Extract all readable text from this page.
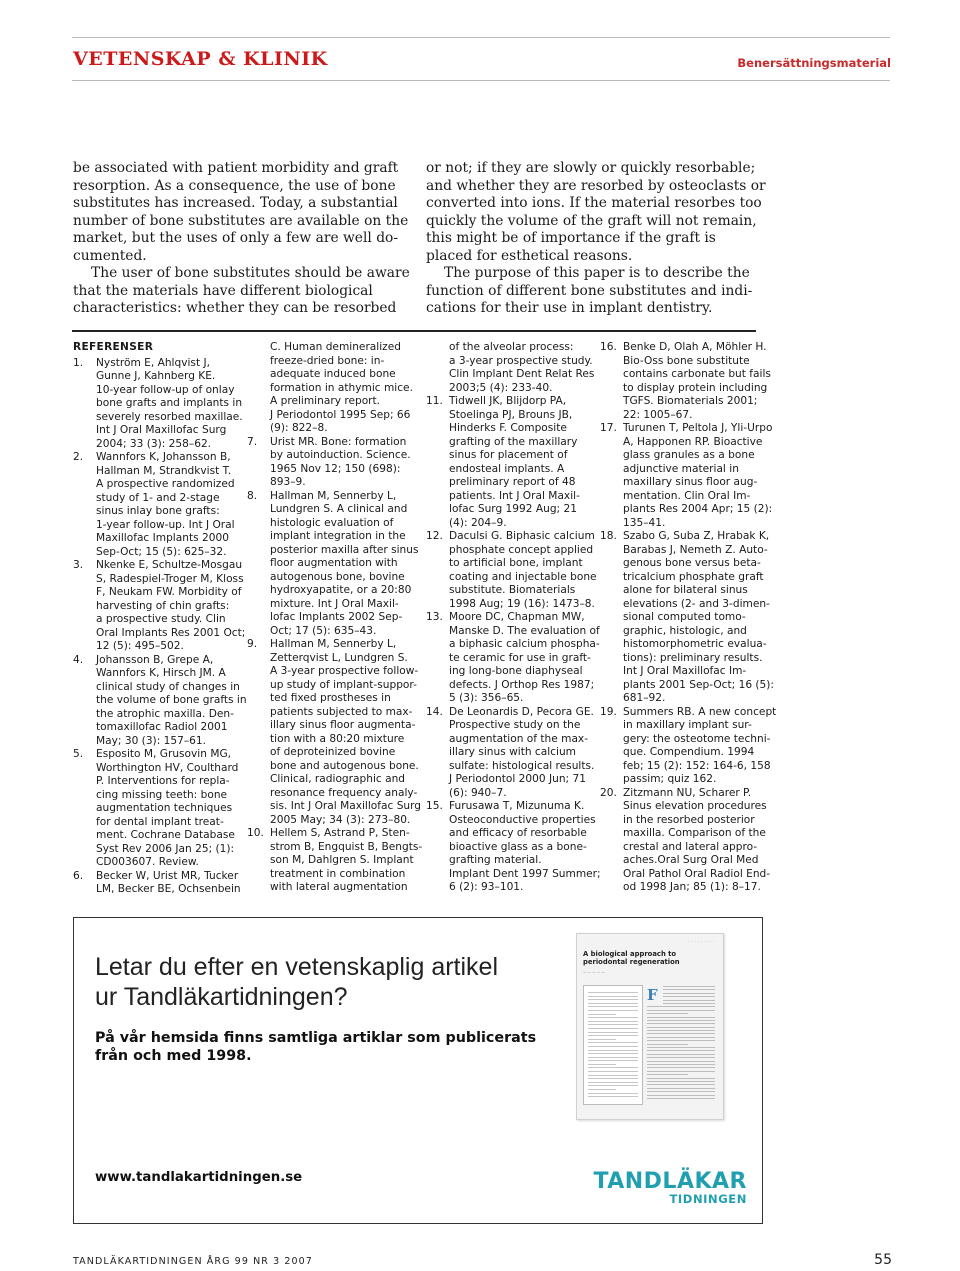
VETENSKAP & KLINIK	Benersättningsmaterial

be associated with patient morbidity and graft resorption. As a consequence, the use of bone substitutes has increased. Today, a substantial number of bone substitutes are available on the market, but the uses of only a few are well do- cumented.

The user of bone substitutes should be aware that the materials have different biological characteristics: whether they can be resorbed

or not; if they are slowly or quickly resorbable; and whether they are resorbed by osteoclasts or converted into ions. If the material resorbes too quickly the volume of the graft will not remain, this might be of importance if the graft is placed for esthetical reasons.

The purpose of this paper is to describe the function of different bone substitutes and indi- cations for their use in implant dentistry.

REFERENSER
1. Nyström E, Ahlqvist J,
Gunne J, Kahnberg KE.
10-year follow-up of onlay
bone grafts and implants in
severely resorbed maxillae.
Int J Oral Maxillofac Surg
2004; 33 (3): 258–62.
2. Wannfors K, Johansson B,
Hallman M, Strandkvist T.
A prospective randomized
study of 1- and 2-stage
sinus inlay bone grafts:
1-year follow-up. Int J Oral
Maxillofac Implants 2000
Sep-Oct; 15 (5): 625–32.
3. Nkenke E, Schultze-Mosgau
S, Radespiel-Troger M, Kloss
F, Neukam FW. Morbidity of
harvesting of chin grafts:
a prospective study. Clin
Oral Implants Res 2001 Oct;
12 (5): 495–502.
4. Johansson B, Grepe A,
Wannfors K, Hirsch JM. A
clinical study of changes in
the volume of bone grafts in
the atrophic maxilla. Den-
tomaxillofac Radiol 2001
May; 30 (3): 157–61.
5. Esposito M, Grusovin MG,
Worthington HV, Coulthard
P. Interventions for repla-
cing missing teeth: bone
augmentation techniques
for dental implant treat-
ment. Cochrane Database
Syst Rev 2006 Jan 25; (1):
CD003607. Review.
6. Becker W, Urist MR, Tucker
LM, Becker BE, Ochsenbein
C. Human demineralized
freeze-dried bone: in-
adequate induced bone
formation in athymic mice.
A preliminary report.
J Periodontol 1995 Sep; 66
(9): 822–8.
7. Urist MR. Bone: formation
by autoinduction. Science.
1965 Nov 12; 150 (698):
893–9.
8. Hallman M, Sennerby L,
Lundgren S. A clinical and
histologic evaluation of
implant integration in the
posterior maxilla after sinus
floor augmentation with
autogenous bone, bovine
hydroxyapatite, or a 20:80
mixture. Int J Oral Maxil-
lofac Implants 2002 Sep-
Oct; 17 (5): 635–43.
9. Hallman M, Sennerby L,
Zetterqvist L, Lundgren S.
A 3-year prospective follow-
up study of implant-suppor-
ted fixed prostheses in
patients subjected to max-
illary sinus floor augmenta-
tion with a 80:20 mixture
of deproteinized bovine
bone and autogenous bone.
Clinical, radiographic and
resonance frequency analy-
sis. Int J Oral Maxillofac Surg
2005 May; 34 (3): 273–80.
10. Hellem S, Astrand P, Sten-
strom B, Engquist B, Bengts-
son M, Dahlgren S. Implant
treatment in combination
with lateral augmentation
of the alveolar process:
a 3-year prospective study.
Clin Implant Dent Relat Res
2003;5 (4): 233-40.
11. Tidwell JK, Blijdorp PA,
Stoelinga PJ, Brouns JB,
Hinderks F. Composite
grafting of the maxillary
sinus for placement of
endosteal implants. A
preliminary report of 48
patients. Int J Oral Maxil-
lofac Surg 1992 Aug; 21
(4): 204–9.
12. Daculsi G. Biphasic calcium
phosphate concept applied
to artificial bone, implant
coating and injectable bone
substitute. Biomaterials
1998 Aug; 19 (16): 1473–8.
13. Moore DC, Chapman MW,
Manske D. The evaluation of
a biphasic calcium phospha-
te ceramic for use in graft-
ing long-bone diaphyseal
defects. J Orthop Res 1987;
5 (3): 356–65.
14. De Leonardis D, Pecora GE.
Prospective study on the
augmentation of the max-
illary sinus with calcium
sulfate: histological results.
J Periodontol 2000 Jun; 71
(6): 940–7.
15. Furusawa T, Mizunuma K.
Osteoconductive properties
and efficacy of resorbable
bioactive glass as a bone-
grafting material.
Implant Dent 1997 Summer;
6 (2): 93–101.
16. Benke D, Olah A, Möhler H.
Bio-Oss bone substitute
contains carbonate but fails
to display protein including
TGFS. Biomaterials 2001;
22: 1005–67.
17. Turunen T, Peltola J, Yli-Urpo
A, Happonen RP. Bioactive
glass granules as a bone
adjunctive material in
maxillary sinus floor aug-
mentation. Clin Oral Im-
plants Res 2004 Apr; 15 (2):
135–41.
18. Szabo G, Suba Z, Hrabak K,
Barabas J, Nemeth Z. Auto-
genous bone versus beta-
tricalcium phosphate graft
alone for bilateral sinus
elevations (2- and 3-dimen-
sional computed tomo-
graphic, histologic, and
histomorphometric evalua-
tions): preliminary results.
Int J Oral Maxillofac Im-
plants 2001 Sep-Oct; 16 (5):
681–92.
19. Summers RB. A new concept
in maxillary implant sur-
gery: the osteotome techni-
que. Compendium. 1994
feb; 15 (2): 152: 164-6, 158
passim; quiz 162.
20. Zitzmann NU, Scharer P.
Sinus elevation procedures
in the resorbed posterior
maxilla. Comparison of the
crestal and lateral appro-
aches.Oral Surg Oral Med
Oral Pathol Oral Radiol End-
od 1998 Jan; 85 (1): 8–17.
Letar du efter en vetenskaplig artikel
ur Tandläkartidningen?
På vår hemsida finns samtliga artiklar som publicerats
från och med 1998.
www.tandlakartidningen.se
· · · · · · · · ·
A biological approach to periodontal regeneration
— — — — —
F
TANDLÄKAR
TIDNINGEN
TANDLÄKARTIDNINGEN ÅRG 99 NR 3 2007	55
